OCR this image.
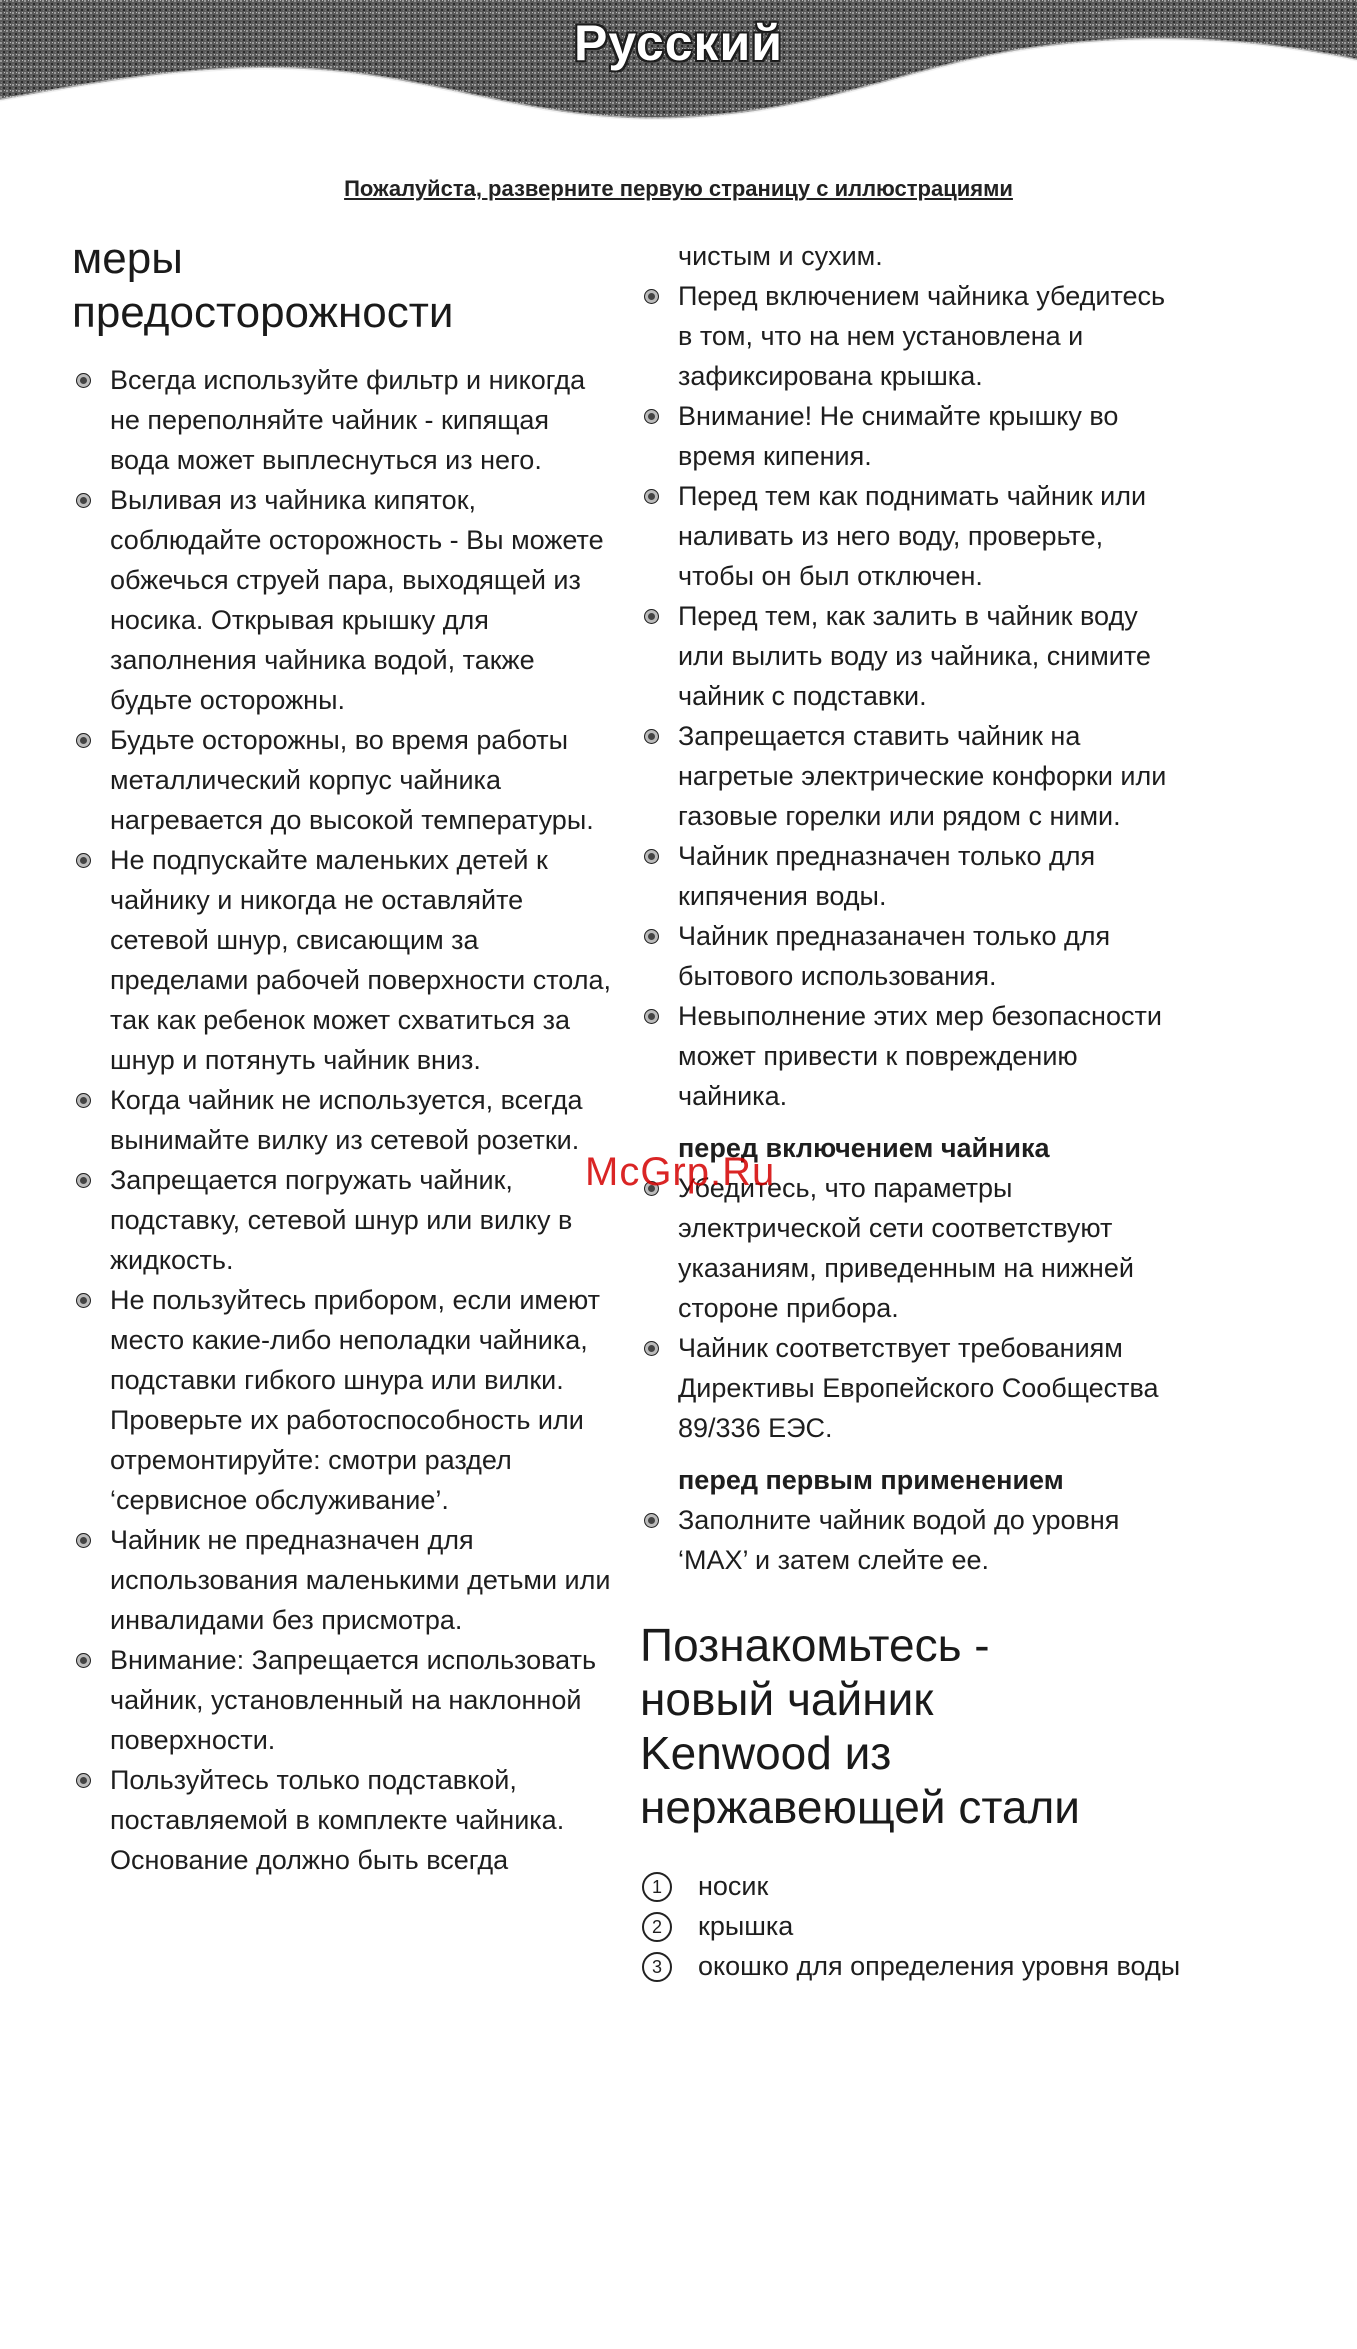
Русский
Пожалуйста, разверните первую страницу с иллюстрациями
меры
предосторожности
Всегда используйте фильтр и никогда не переполняйте чайник - кипящая вода может выплеснуться из него.
Выливая из чайника кипяток, соблюдайте осторожность - Вы можете обжечься струей пара, выходящей из носика. Открывая крышку для заполнения чайника водой, также будьте осторожны.
Будьте осторожны, во время работы металлический корпус чайника нагревается до высокой температуры.
Не подпускайте маленьких детей к чайнику и никогда не оставляйте сетевой шнур, свисающим за пределами рабочей поверхности стола, так как ребенок может схватиться за шнур и потянуть чайник вниз.
Когда чайник не используется, всегда вынимайте вилку из сетевой розетки.
Запрещается погружать чайник, подставку, сетевой шнур или вилку в жидкость.
Не пользуйтесь прибором, если имеют место какие-либо неполадки чайника, подставки гибкого шнура или вилки. Проверьте их работоспособность или отремонтируйте: смотри раздел ‘сервисное обслуживание’.
Чайник не предназначен для использования маленькими детьми или инвалидами без присмотра.
Внимание: Запрещается использовать чайник, установленный на наклонной поверхности.
Пользуйтесь только подставкой, поставляемой в комплекте чайника. Основание должно быть всегда
чистым и сухим.
Перед включением чайника убедитесь в том, что на нем установлена и зафиксирована крышка.
Внимание! Не снимайте крышку во время кипения.
Перед тем как поднимать чайник или наливать из него воду, проверьте, чтобы он был отключен.
Перед тем, как залить в чайник воду или вылить воду из чайника, снимите чайник с подставки.
Запрещается ставить чайник на нагретые электрические конфорки или газовые горелки или рядом с ними.
Чайник предназначен только для кипячения воды.
Чайник предназаначен только для бытового использования.
Невыполнение этих мер безопасности может привести к повреждению чайника.
перед включением чайника
Убедитесь, что параметры электрической сети соответствуют указаниям, приведенным на нижней стороне прибора.
Чайник соответствует требованиям Директивы Европейского Сообщества 89/336 ЕЭС.
перед первым применением
Заполните чайник водой до уровня ‘MAX’ и затем слейте ее.
Познакомьтесь -
новый чайник
Kenwood из
нержавеющей стали
1	носик
2	крышка
3	окошко для определения уровня воды
McGrp.Ru
